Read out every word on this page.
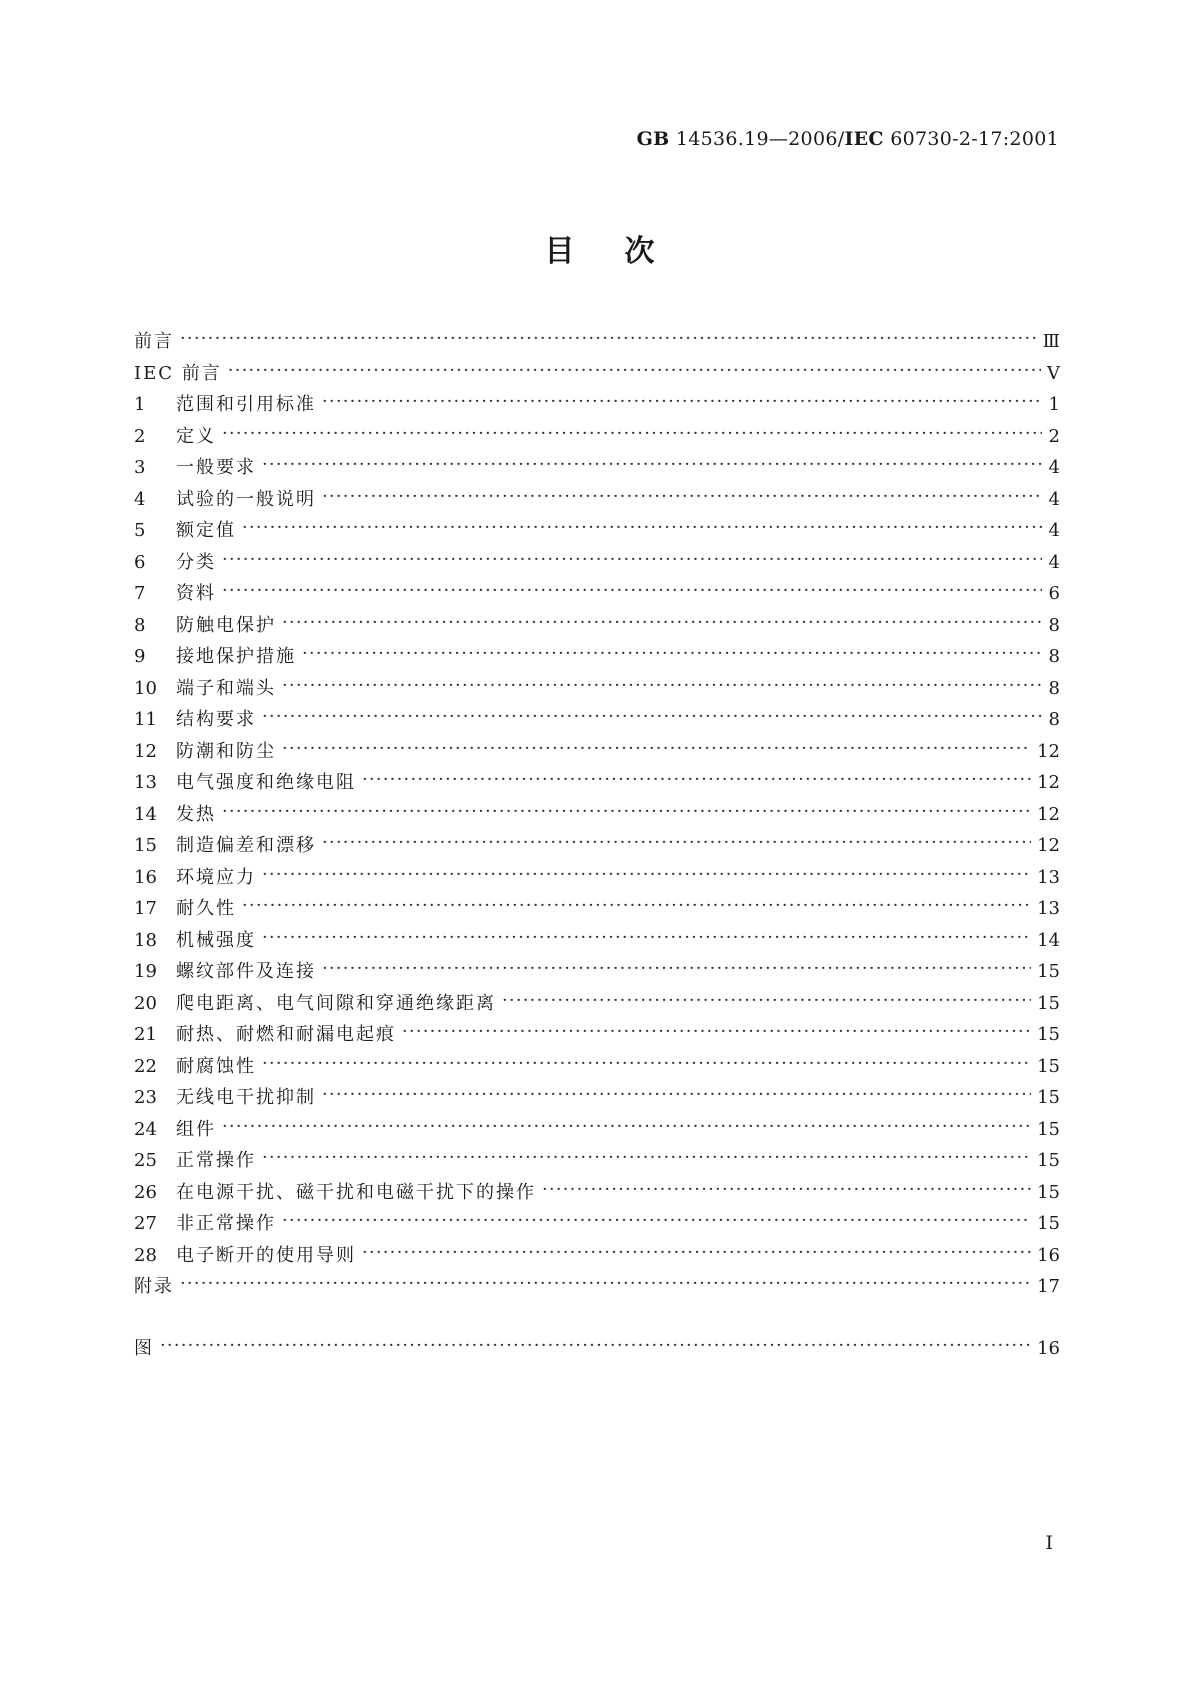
GB 14536.19—2006/IEC 60730-2-17:2001
目次
前言 ·····	Ⅲ
IEC 前言 ·····	V
1	范围和引用标准 ·····	1
2	定义 ·····	2
3	一般要求 ·····	4
4	试验的一般说明 ·····	4
5	额定值 ·····	4
6	分类 ·····	4
7	资料 ·····	6
8	防触电保护 ·····	8
9	接地保护措施 ·····	8
10	端子和端头 ·····	8
11	结构要求 ·····	8
12	防潮和防尘 ·····	12
13	电气强度和绝缘电阻 ·····	12
14	发热 ·····	12
15	制造偏差和漂移 ·····	12
16	环境应力 ·····	13
17	耐久性 ·····	13
18	机械强度 ·····	14
19	螺纹部件及连接 ·····	15
20	爬电距离、电气间隙和穿通绝缘距离 ·····	15
21	耐热、耐燃和耐漏电起痕 ·····	15
22	耐腐蚀性 ·····	15
23	无线电干扰抑制 ·····	15
24	组件 ·····	15
25	正常操作 ·····	15
26	在电源干扰、磁干扰和电磁干扰下的操作 ·····	15
27	非正常操作 ·····	15
28	电子断开的使用导则 ·····	16
附录 ·····	17
图 ·····	16
I
